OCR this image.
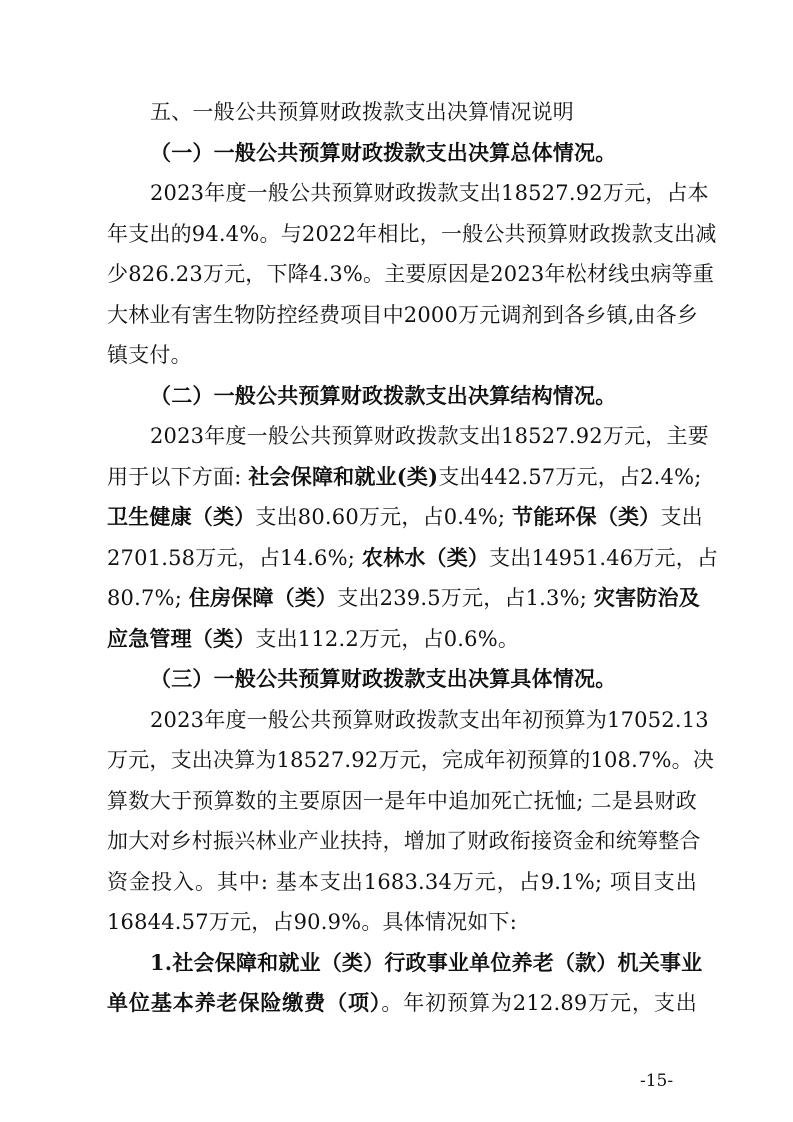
五、一般公共预算财政拨款支出决算情况说明
（一）一般公共预算财政拨款支出决算总体情况。
2023年度一般公共预算财政拨款支出18527.92万元，占本
年支出的94.4%。与2022年相比，一般公共预算财政拨款支出减
少826.23万元，下降4.3%。主要原因是2023年松材线虫病等重
大林业有害生物防控经费项目中2000万元调剂到各乡镇,由各乡
镇支付。
（二）一般公共预算财政拨款支出决算结构情况。
2023年度一般公共预算财政拨款支出18527.92万元，主要
用于以下方面: 社会保障和就业(类)支出442.57万元，占2.4%;
卫生健康（类）支出80.60万元，占0.4%; 节能环保（类）支出
2701.58万元，占14.6%; 农林水（类）支出14951.46万元，占
80.7%; 住房保障（类）支出239.5万元，占1.3%; 灾害防治及
应急管理（类）支出112.2万元，占0.6%。
（三）一般公共预算财政拨款支出决算具体情况。
2023年度一般公共预算财政拨款支出年初预算为17052.13
万元，支出决算为18527.92万元，完成年初预算的108.7%。决
算数大于预算数的主要原因一是年中追加死亡抚恤; 二是县财政
加大对乡村振兴林业产业扶持，增加了财政衔接资金和统筹整合
资金投入。其中: 基本支出1683.34万元，占9.1%; 项目支出
16844.57万元，占90.9%。具体情况如下:
1.社会保障和就业（类）行政事业单位养老（款）机关事业
单位基本养老保险缴费（项）。年初预算为212.89万元，支出
-15-
